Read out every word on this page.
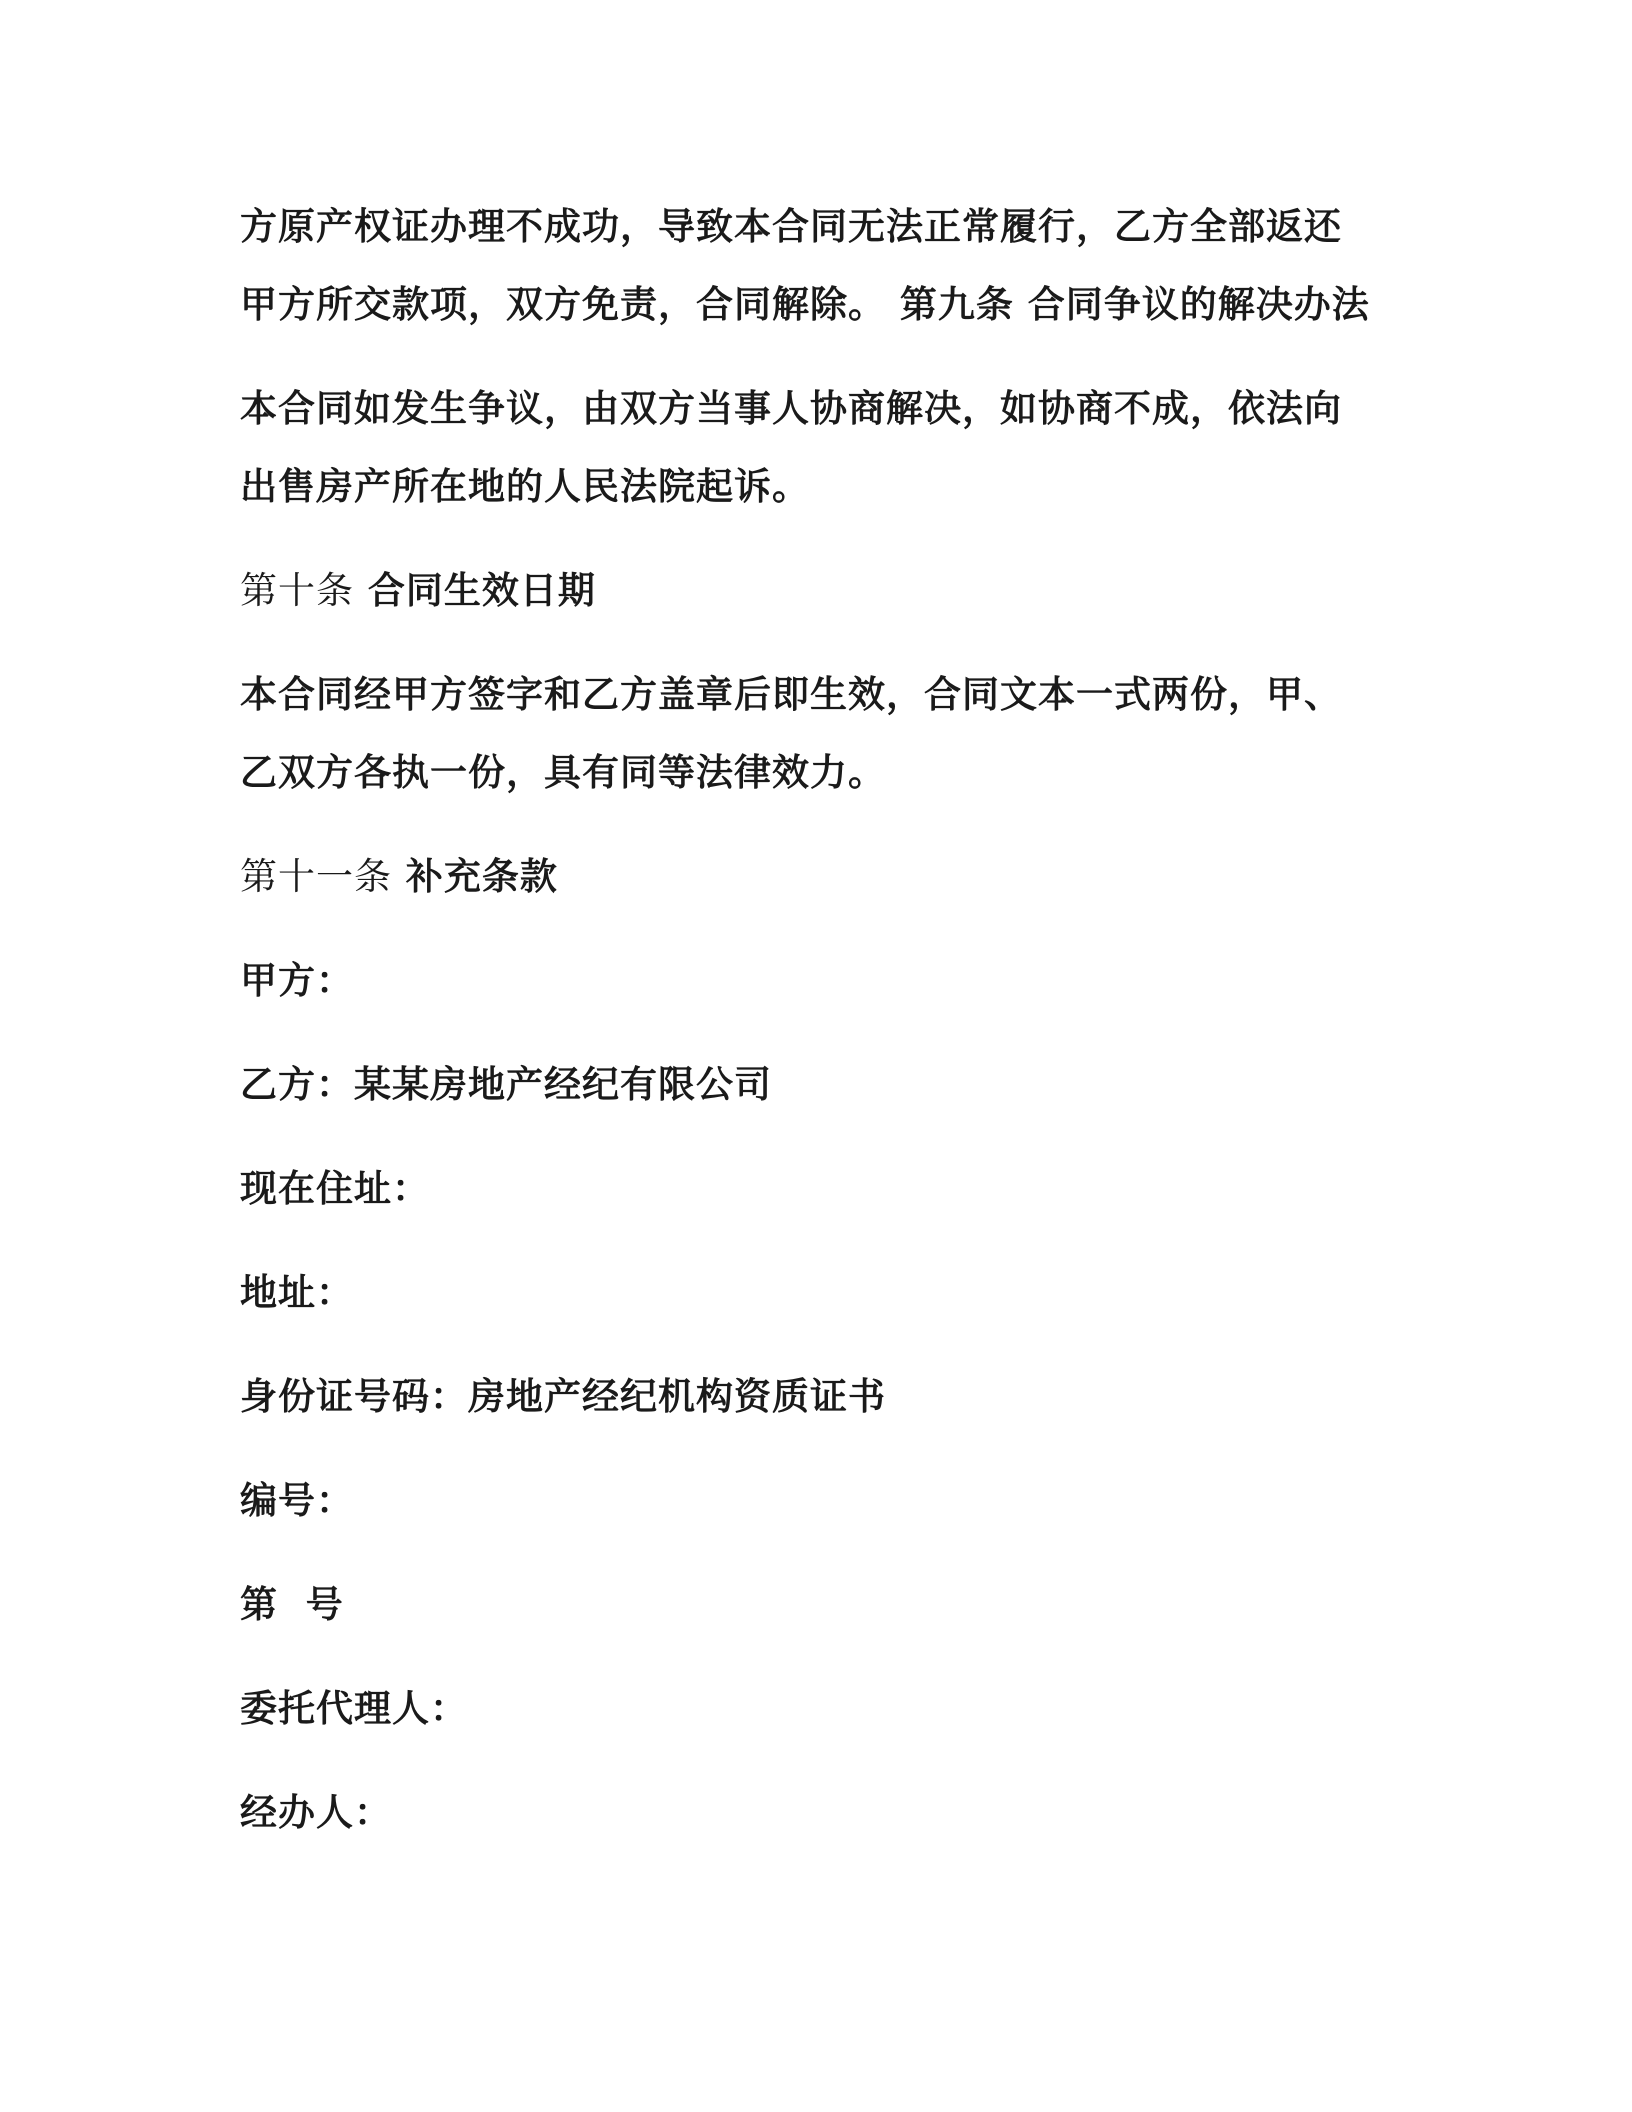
方原产权证办理不成功，导致本合同无法正常履行，乙方全部返还甲方所交款项，双方免责，合同解除。 第九条 合同争议的解决办法

本合同如发生争议，由双方当事人协商解决，如协商不成，依法向出售房产所在地的人民法院起诉。

第十条 合同生效日期

本合同经甲方签字和乙方盖章后即生效，合同文本一式两份，甲、乙双方各执一份，具有同等法律效力。

第十一条 补充条款

甲方：

乙方：某某房地产经纪有限公司

现在住址：

地址：

身份证号码：房地产经纪机构资质证书

编号：

第  号

委托代理人：

经办人：
